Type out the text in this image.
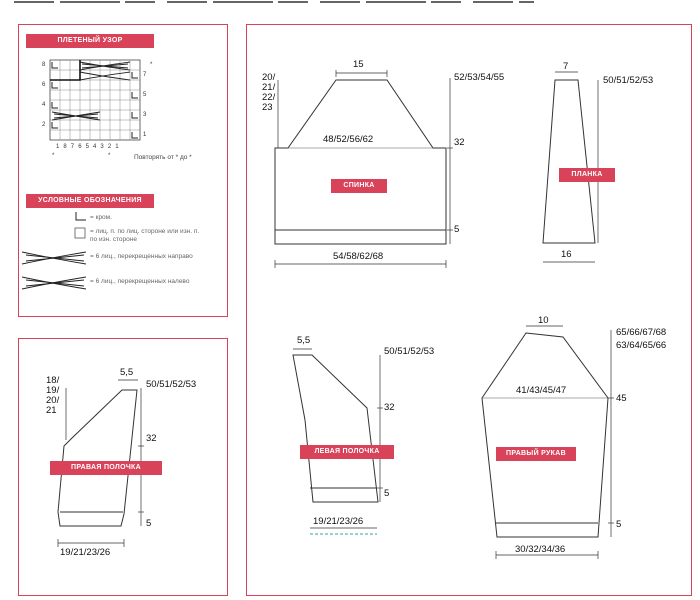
ПЛЕТЕНЫЙ УЗОР
8
6
4
2
7
5
3
1
*
1 8 7 6 5 4 3 2 1
*	*	Повторять от * до *
УСЛОВНЫЕ ОБОЗНАЧЕНИЯ
= кром.
= лиц. п. по лиц. стороне или изн. п. по изн. стороне
= 6 лиц., перекрещенных направо
= 6 лиц., перекрещенных налево
СПИНКА
ПЛАНКА
ПРАВАЯ ПОЛОЧКА
ЛЕВАЯ ПОЛОЧКА	ПРАВЫЙ РУКАВ
15
20/
21/
22/
23
52/53/54/55
48/52/56/62	32
5
54/58/62/68
7
50/51/52/53
16
18/
19/
20/
21
5,5
50/51/52/53
32
5
19/21/23/26
5,5
50/51/52/53
32
5
19/21/23/26
10
65/66/67/68
63/64/65/66
41/43/45/47
45
5
30/32/34/36
